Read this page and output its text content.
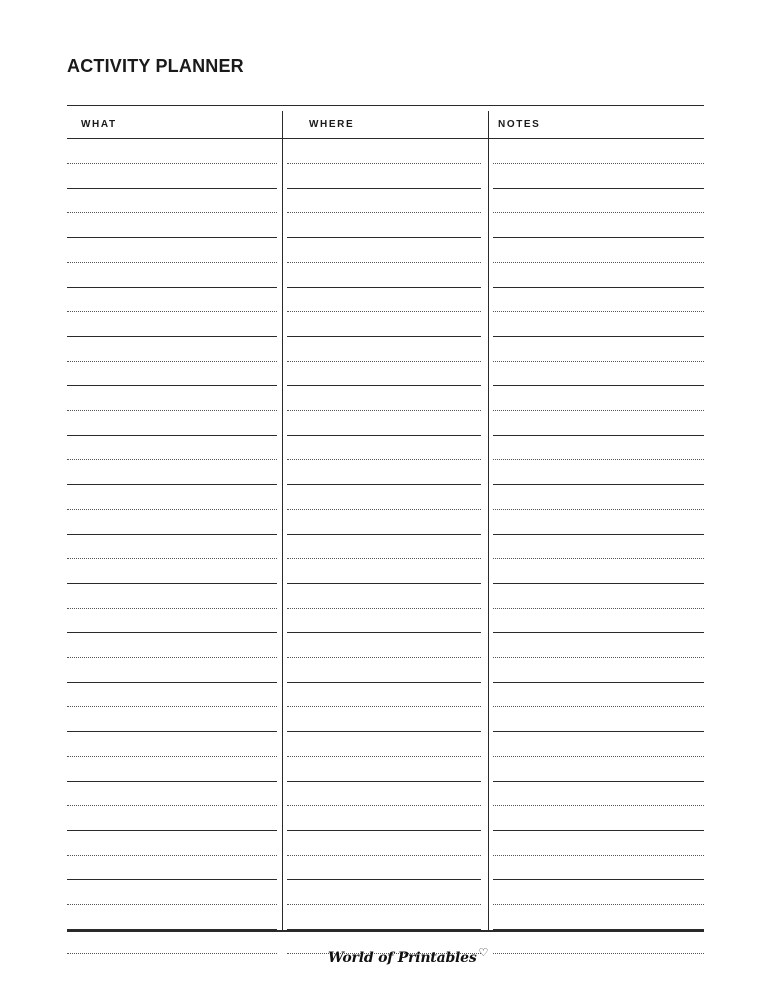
ACTIVITY PLANNER
WHAT	WHERE	NOTES
World of Printables ♡
